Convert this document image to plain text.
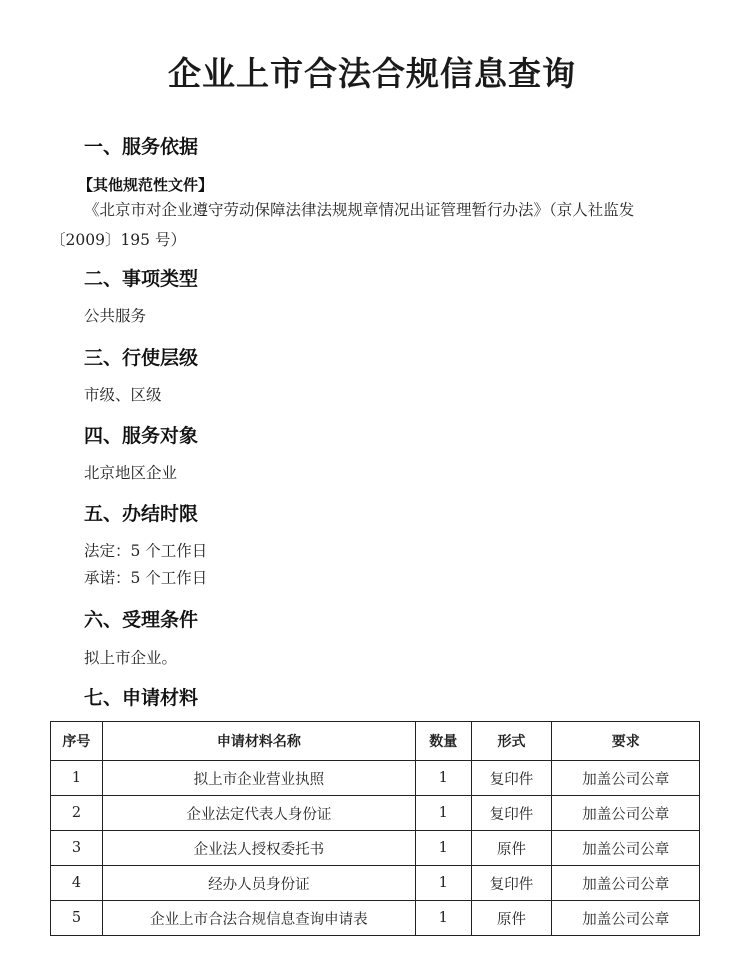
企业上市合法合规信息查询
一、服务依据
【其他规范性文件】
《北京市对企业遵守劳动保障法律法规规章情况出证管理暂行办法》（京人社监发
〔2009〕195 号）
二、事项类型
公共服务
三、行使层级
市级、区级
四、服务对象
北京地区企业
五、办结时限
法定：5 个工作日
承诺：5 个工作日
六、受理条件
拟上市企业。
七、申请材料
序号	申请材料名称	数量	形式	要求
1	拟上市企业营业执照	1	复印件	加盖公司公章
2	企业法定代表人身份证	1	复印件	加盖公司公章
3	企业法人授权委托书	1	原件	加盖公司公章
4	经办人员身份证	1	复印件	加盖公司公章
5	企业上市合法合规信息查询申请表	1	原件	加盖公司公章
